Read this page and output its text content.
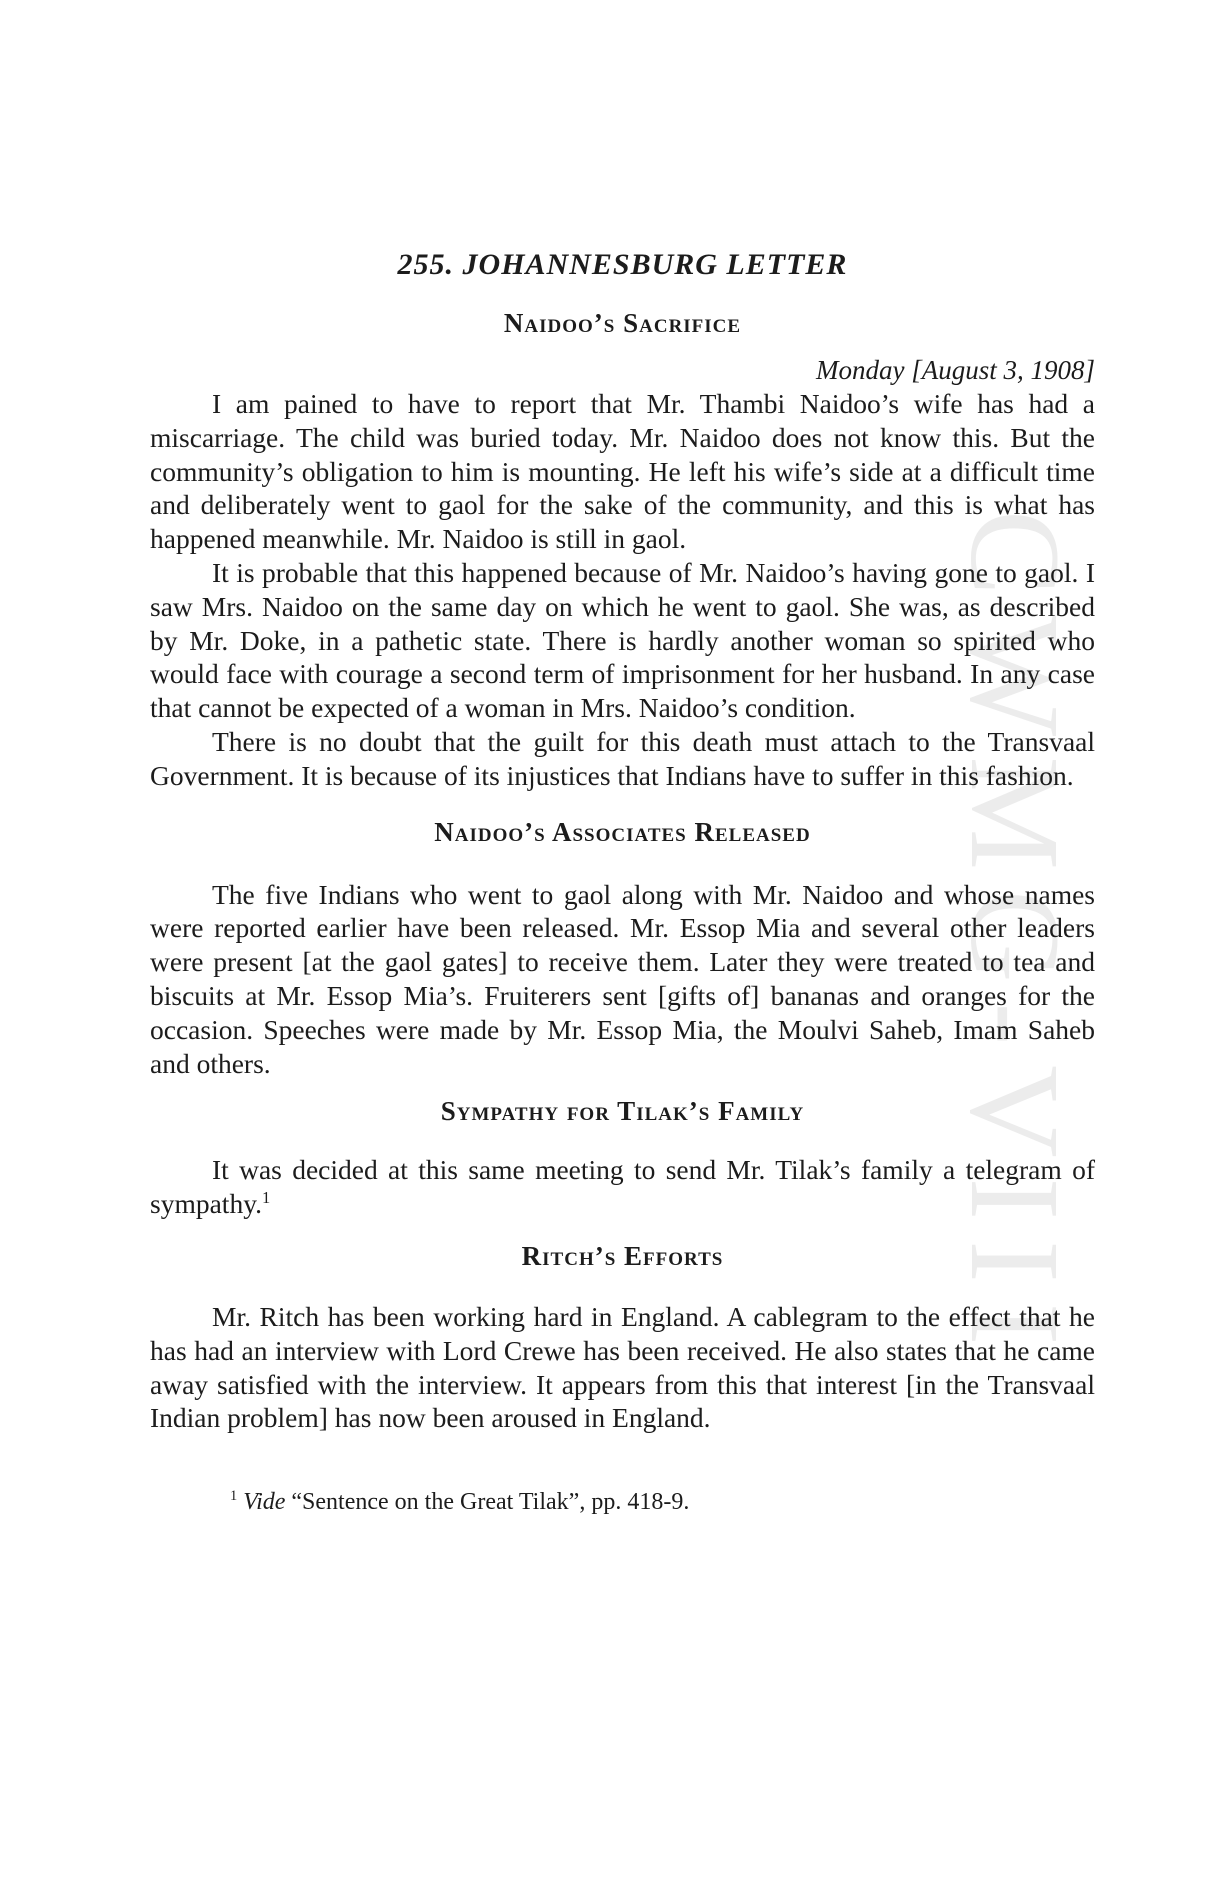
CWMG-VIII
255. JOHANNESBURG LETTER
Naidoo’s Sacrifice

Monday [August 3, 1908]

I am pained to have to report that Mr. Thambi Naidoo’s wife has had a miscarriage. The child was buried today. Mr. Naidoo does not know this. But the community’s obligation to him is mounting. He left his wife’s side at a difficult time and deliberately went to gaol for the sake of the community, and this is what has happened meanwhile. Mr. Naidoo is still in gaol.

It is probable that this happened because of Mr. Naidoo’s having gone to gaol. I saw Mrs. Naidoo on the same day on which he went to gaol. She was, as described by Mr. Doke, in a pathetic state. There is hardly another woman so spirited who would face with courage a second term of imprisonment for her husband. In any case that cannot be expected of a woman in Mrs. Naidoo’s condition.

There is no doubt that the guilt for this death must attach to the Transvaal Government. It is because of its injustices that Indians have to suffer in this fashion.

Naidoo’s Associates Released

The five Indians who went to gaol along with Mr. Naidoo and whose names were reported earlier have been released. Mr. Essop Mia and several other leaders were present [at the gaol gates] to receive them. Later they were treated to tea and biscuits at Mr. Essop Mia’s. Fruiterers sent [gifts of] bananas and oranges for the occasion. Speeches were made by Mr. Essop Mia, the Moulvi Saheb, Imam Saheb and others.

Sympathy for Tilak’s Family

It was decided at this same meeting to send Mr. Tilak’s family a telegram of sympathy.$^1$

Ritch’s Efforts

Mr. Ritch has been working hard in England. A cablegram to the effect that he has had an interview with Lord Crewe has been received. He also states that he came away satisfied with the interview. It appears from this that interest [in the Transvaal Indian problem] has now been aroused in England.

$^1$ Vide “Sentence on the Great Tilak”, pp. 418-9.
